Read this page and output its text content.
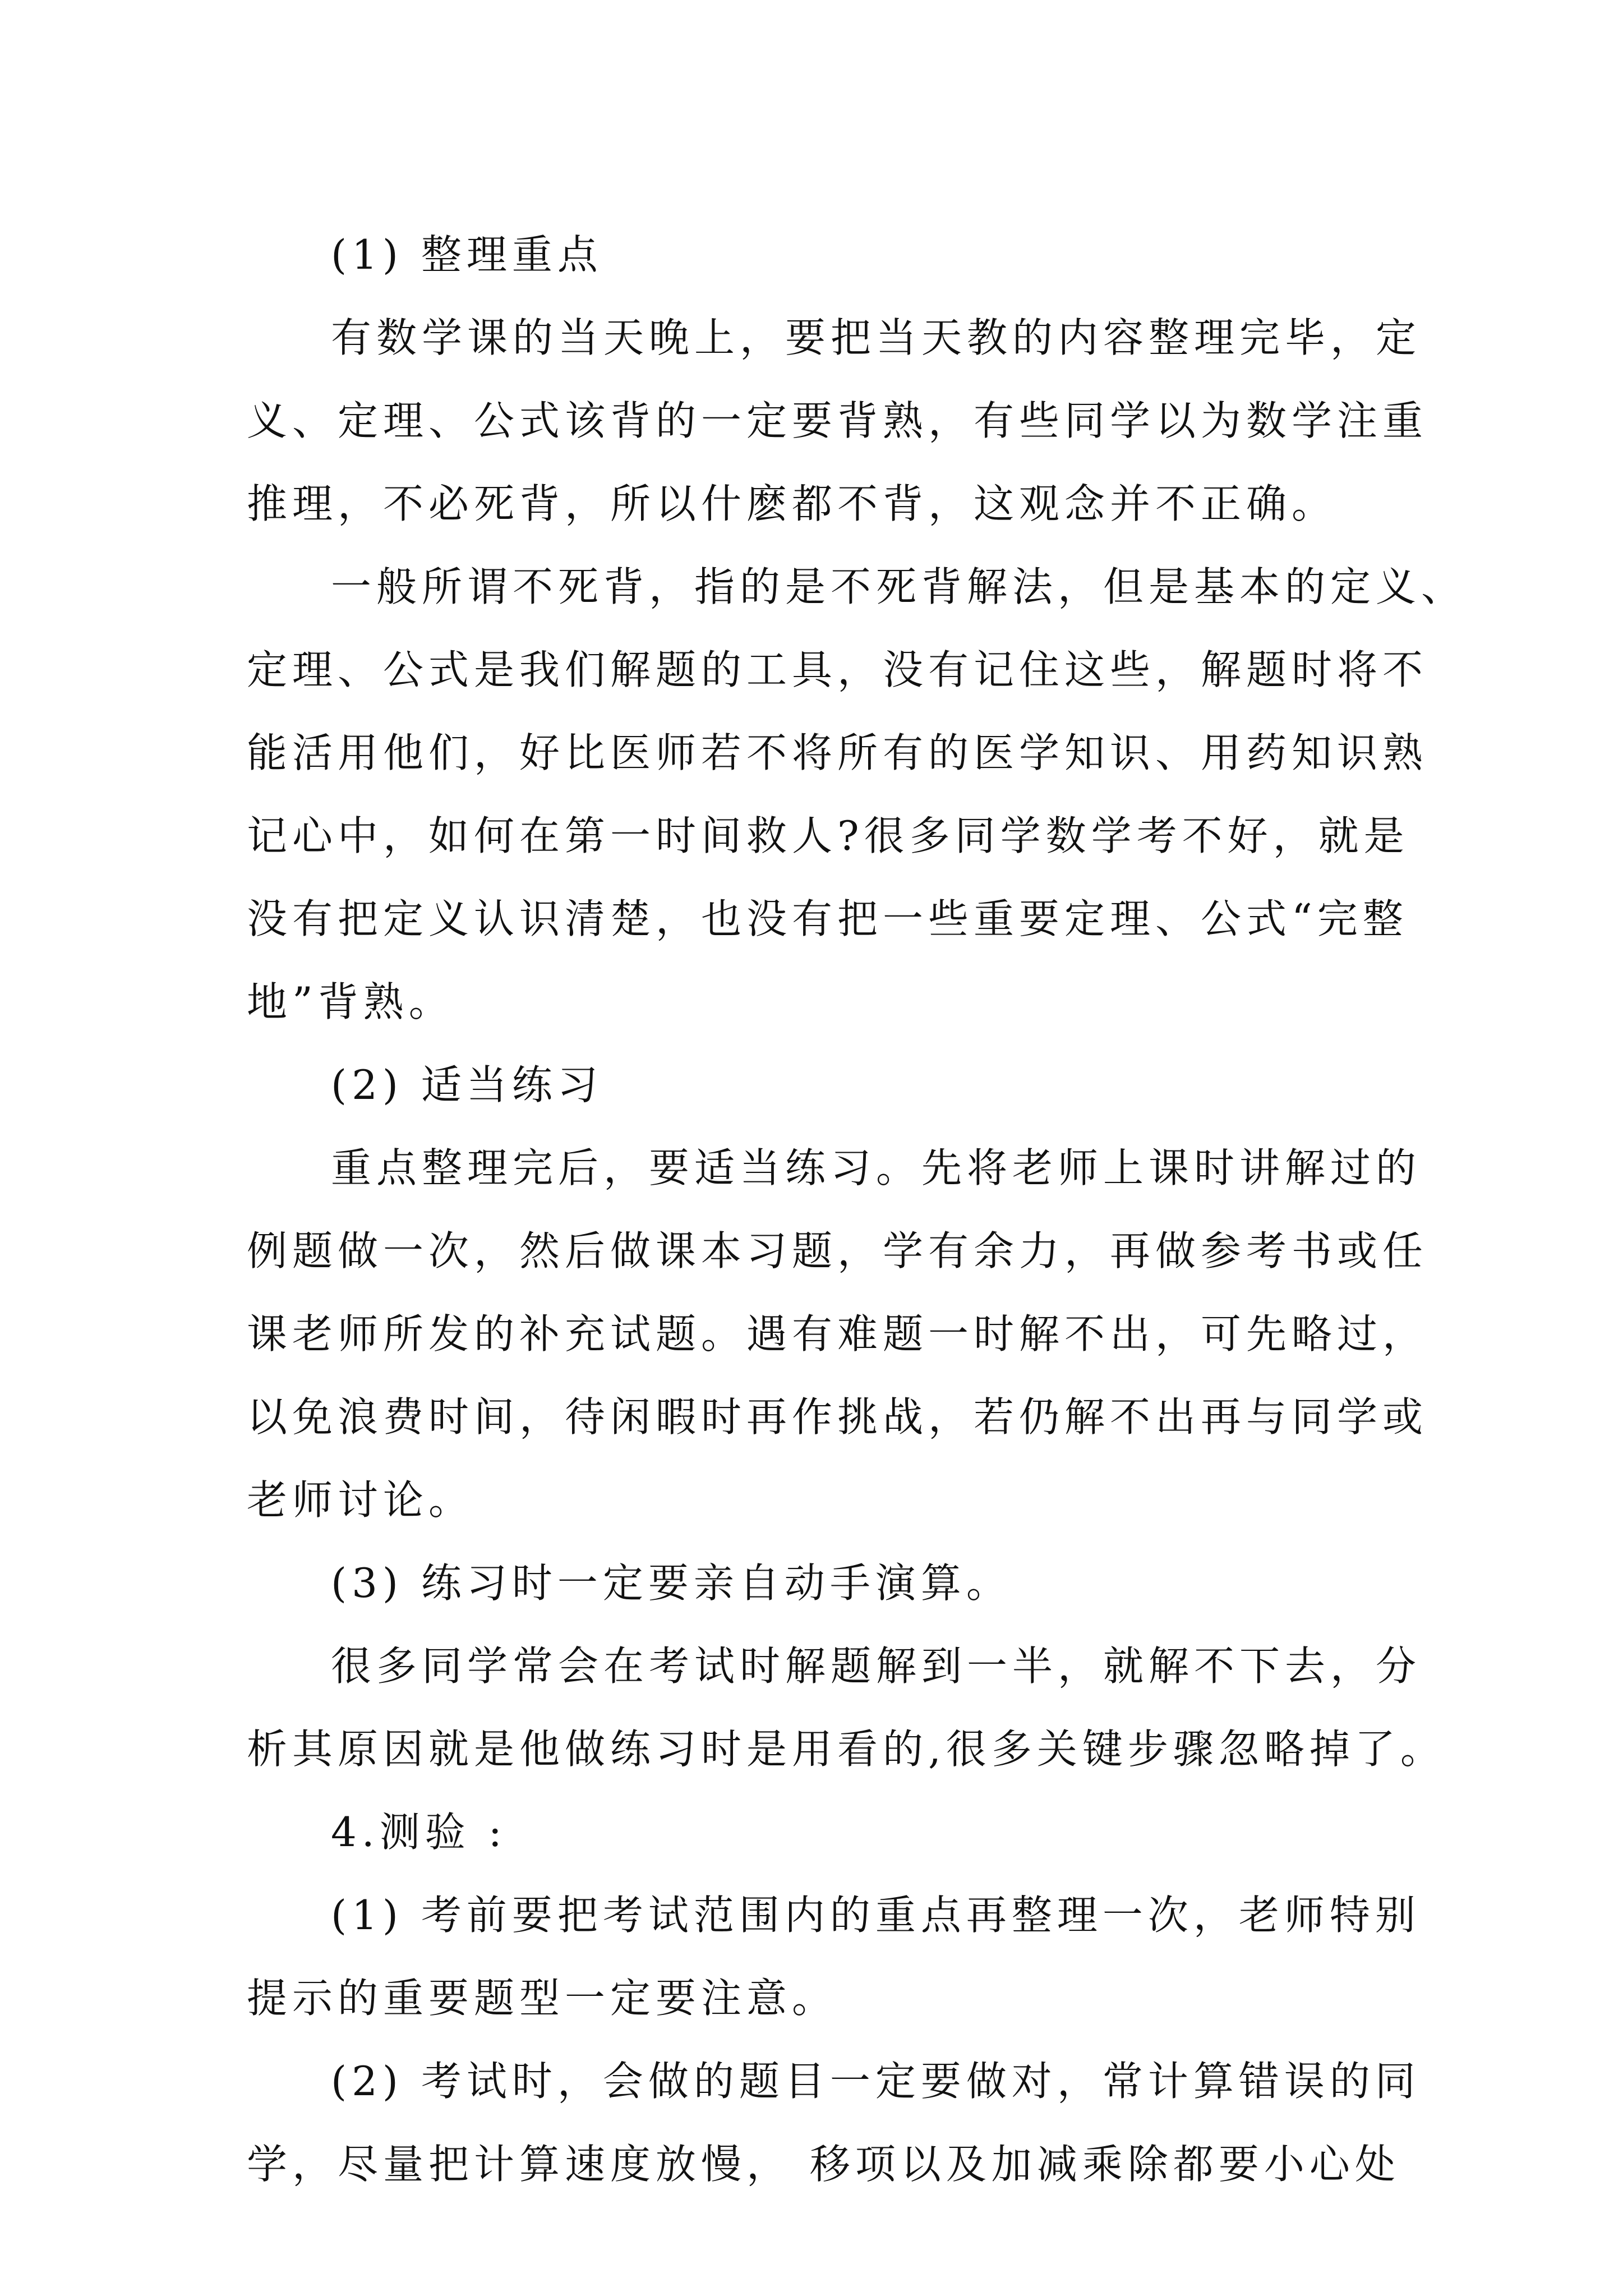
(1) 整理重点
有数学课的当天晚上，要把当天教的内容整理完毕，定
义、定理、公式该背的一定要背熟，有些同学以为数学注重
推理，不必死背，所以什麽都不背，这观念并不正确。
一般所谓不死背，指的是不死背解法，但是基本的定义、
定理、公式是我们解题的工具，没有记住这些，解题时将不
能活用他们，好比医师若不将所有的医学知识、用药知识熟
记心中，如何在第一时间救人?很多同学数学考不好，就是
没有把定义认识清楚，也没有把一些重要定理、公式“完整
地”背熟。
(2) 适当练习
重点整理完后，要适当练习。先将老师上课时讲解过的
例题做一次，然后做课本习题，学有余力，再做参考书或任
课老师所发的补充试题。遇有难题一时解不出，可先略过，
以免浪费时间，待闲暇时再作挑战，若仍解不出再与同学或
老师讨论。
(3) 练习时一定要亲自动手演算。
很多同学常会在考试时解题解到一半，就解不下去，分
析其原因就是他做练习时是用看的,很多关键步骤忽略掉了。
4.测验 :
(1) 考前要把考试范围内的重点再整理一次，老师特别
提示的重要题型一定要注意。
(2) 考试时，会做的题目一定要做对，常计算错误的同
学，尽量把计算速度放慢， 移项以及加减乘除都要小心处
